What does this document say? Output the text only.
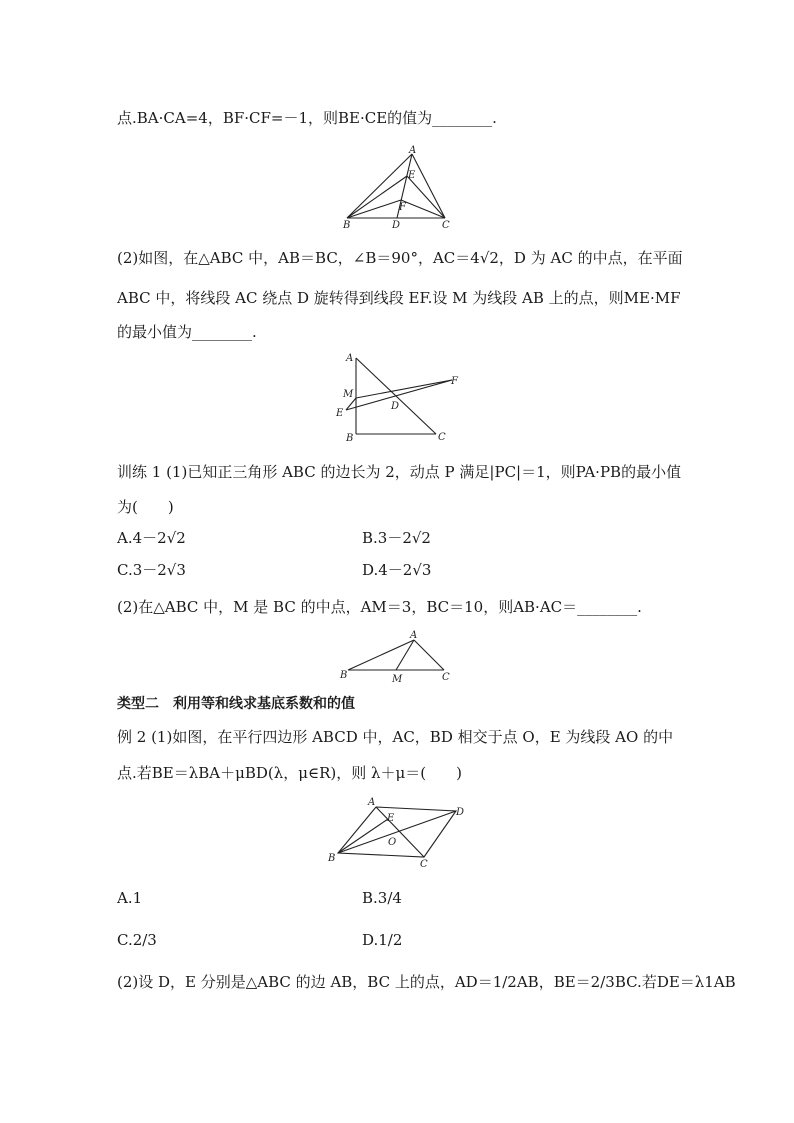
点.BA·CA=4，BF·CF=－1，则BE·CE的值为________.
A
E
F
B	D	C
(2)如图，在△ABC 中，AB＝BC，∠B＝90°，AC＝4√2，D 为 AC 的中点，在平面
ABC 中，将线段 AC 绕点 D 旋转得到线段 EF.设 M 为线段 AB 上的点，则ME·MF
的最小值为________.
A
M
F
E
D
B	C
训练 1 (1)已知正三角形 ABC 的边长为 2，动点 P 满足|PC|＝1，则PA·PB的最小值
为(　　)
A.4－2√2	B.3－2√2
C.3－2√3	D.4－2√3
(2)在△ABC 中，M 是 BC 的中点，AM＝3，BC＝10，则AB·AC＝________.
A
B	M	C
类型二　利用等和线求基底系数和的值
例 2 (1)如图，在平行四边形 ABCD 中，AC，BD 相交于点 O，E 为线段 AO 的中
点.若BE＝λBA＋μBD(λ，μ∈R)，则 λ＋μ＝(　　)
A
D
E
O
B
C
A.1	B.3/4
C.2/3	D.1/2
(2)设 D，E 分别是△ABC 的边 AB，BC 上的点，AD＝1/2AB，BE＝2/3BC.若DE＝λ1AB
